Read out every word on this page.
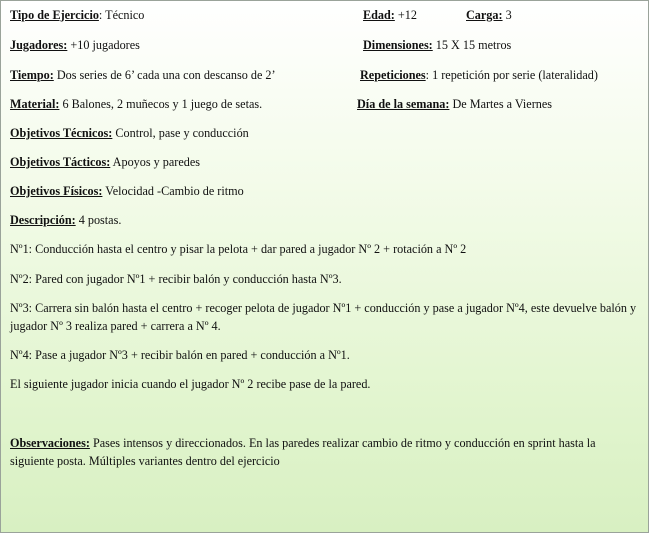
Tipo de Ejercicio: Técnico	Edad: +12	Carga: 3
Jugadores: +10 jugadores	Dimensiones: 15 X 15 metros
Tiempo: Dos series de 6’ cada una con descanso de 2’	Repeticiones: 1 repetición por serie (lateralidad)
Material: 6 Balones, 2 muñecos y 1 juego de setas.	Día de la semana: De Martes a Viernes
Objetivos Técnicos: Control, pase y conducción
Objetivos Tácticos: Apoyos y paredes
Objetivos Físicos: Velocidad -Cambio de ritmo
Descripción: 4 postas.
Nº1: Conducción hasta el centro y pisar la pelota + dar pared a jugador Nº 2 + rotación a Nº 2
Nº2: Pared con jugador Nº1 + recibir balón y conducción hasta Nº3.
Nº3: Carrera sin balón hasta el centro + recoger pelota de jugador Nº1 + conducción y pase a jugador Nº4, este devuelve balón y jugador Nº 3 realiza pared + carrera a Nº 4.
Nº4: Pase a jugador Nº3 + recibir balón en pared + conducción a Nº1.
El siguiente jugador inicia cuando el jugador Nº 2 recibe pase de la pared.
Observaciones: Pases intensos y direccionados. En las paredes realizar cambio de ritmo y conducción en sprint hasta la siguiente posta. Múltiples variantes dentro del ejercicio
